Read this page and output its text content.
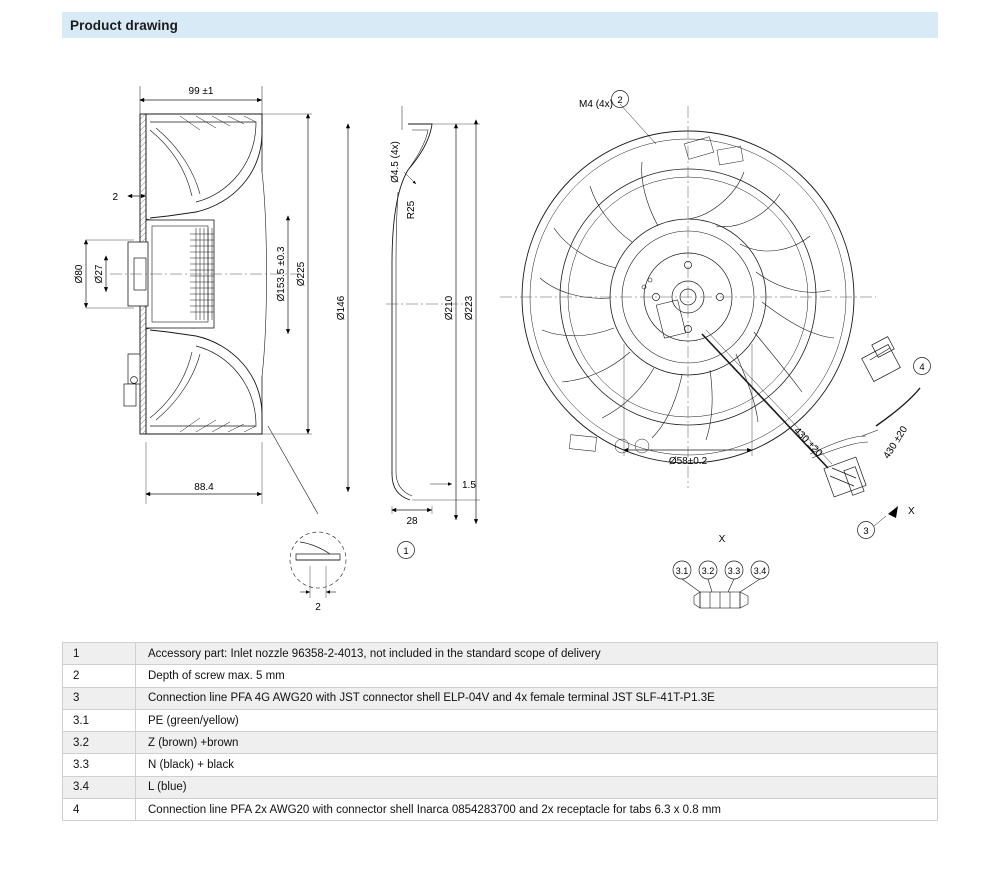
Product drawing
99 ±1
2
Ø80 Ø27	Ø153.5 ±0.3 Ø225
88.4
2
1
Ø4.5 (4x)
R25
Ø146	Ø210 Ø223
1.5
28
M4 (4x) 2
Ø58±0.2
430 ±20
3
430 ±20
4
X
X
3.1 3.2 3.3 3.4
1	Accessory part: Inlet nozzle 96358-2-4013, not included in the standard scope of delivery
2	Depth of screw max. 5 mm
3	Connection line PFA 4G AWG20 with JST connector shell ELP-04V and 4x female terminal JST SLF-41T-P1.3E
3.1	PE (green/yellow)
3.2	Z (brown) +brown
3.3	N (black) + black
3.4	L (blue)
4	Connection line PFA 2x AWG20 with connector shell Inarca 0854283700 and 2x receptacle for tabs 6.3 x 0.8 mm
